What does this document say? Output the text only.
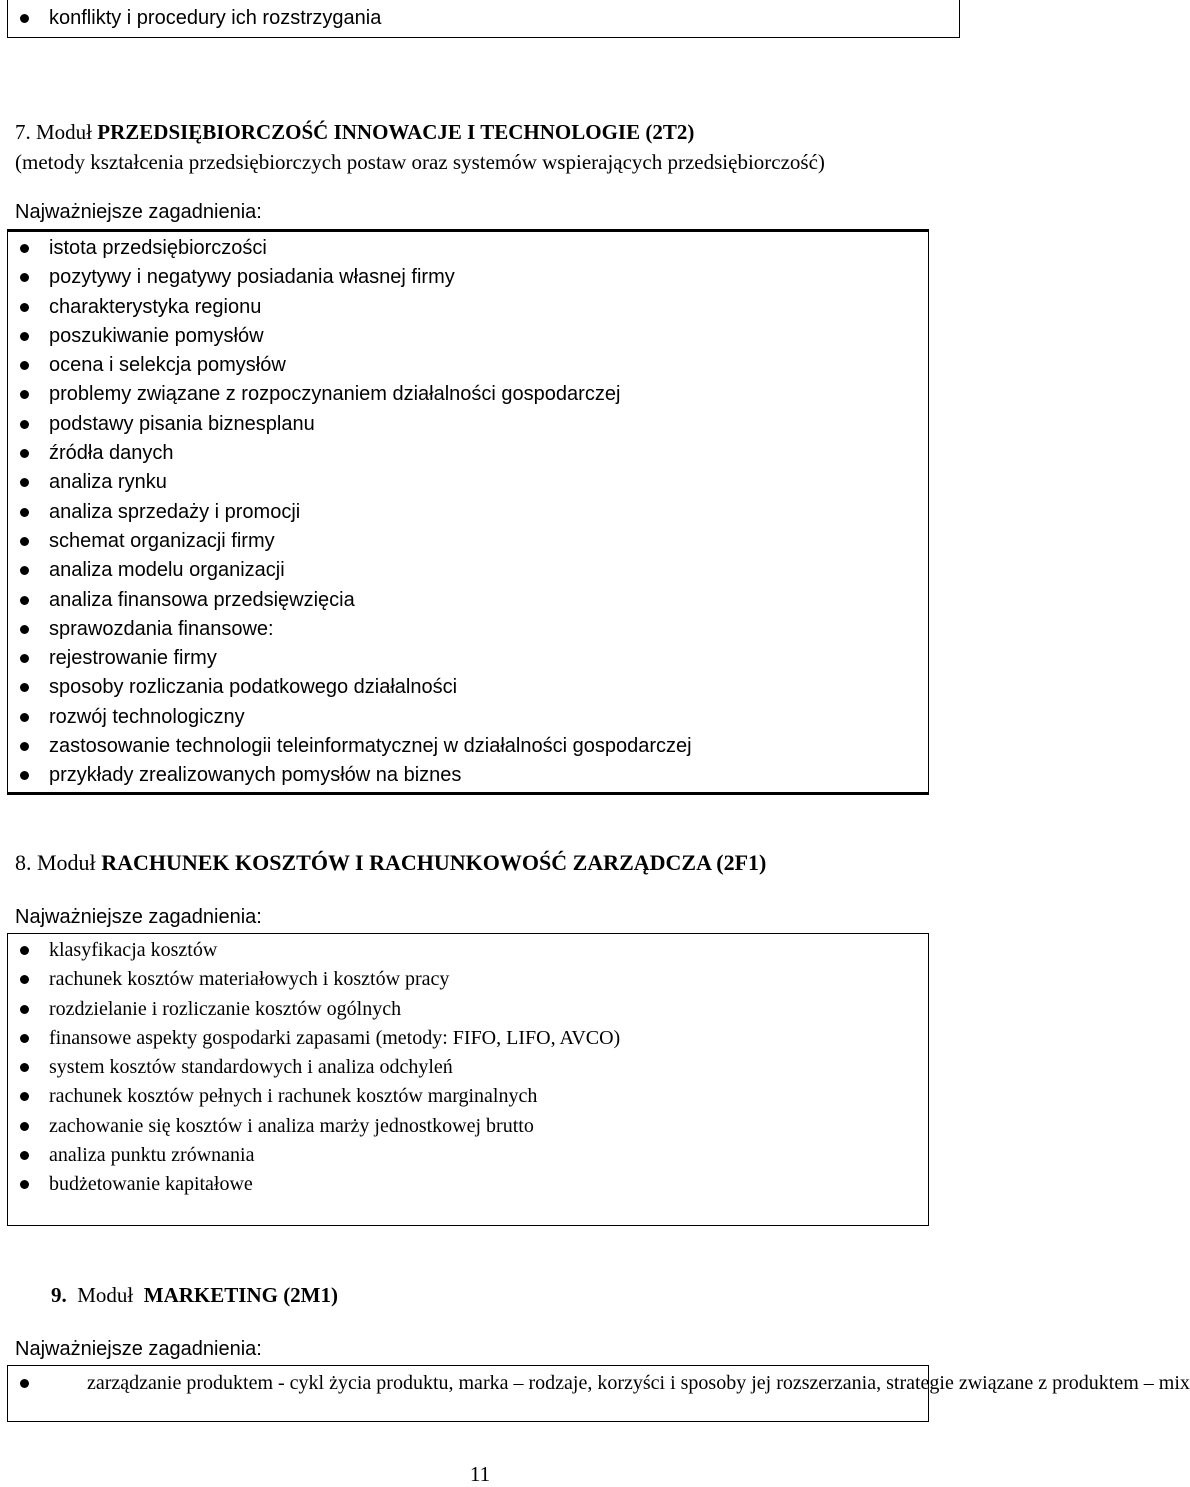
konflikty i procedury ich rozstrzygania
7. Moduł PRZEDSIĘBIORCZOŚĆ INNOWACJE I TECHNOLOGIE (2T2)
(metody kształcenia przedsiębiorczych postaw oraz systemów wspierających przedsiębiorczość)
Najważniejsze zagadnienia:
istota przedsiębiorczości
pozytywy i negatywy posiadania własnej firmy
charakterystyka regionu
poszukiwanie pomysłów
ocena i selekcja pomysłów
problemy związane z rozpoczynaniem działalności gospodarczej
podstawy pisania biznesplanu
źródła danych
analiza rynku
analiza sprzedaży i promocji
schemat organizacji firmy
analiza modelu organizacji
analiza finansowa przedsięwzięcia
sprawozdania finansowe:
rejestrowanie firmy
sposoby rozliczania podatkowego działalności
rozwój technologiczny
zastosowanie technologii teleinformatycznej w działalności gospodarczej
przykłady zrealizowanych pomysłów na biznes
8. Moduł RACHUNEK KOSZTÓW I RACHUNKOWOŚĆ ZARZĄDCZA (2F1)
Najważniejsze zagadnienia:
klasyfikacja kosztów
rachunek kosztów materiałowych i kosztów pracy
rozdzielanie i rozliczanie kosztów ogólnych
finansowe aspekty gospodarki zapasami (metody: FIFO, LIFO, AVCO)
system kosztów standardowych i analiza odchyleń
rachunek kosztów pełnych i rachunek kosztów marginalnych
zachowanie się kosztów i analiza marży jednostkowej brutto
analiza punktu zrównania
budżetowanie kapitałowe
9. Moduł MARKETING (2M1)
Najważniejsze zagadnienia:
zarządzanie produktem - cykl życia produktu, marka – rodzaje, korzyści i sposoby jej rozszerzania, strategie związane z produktem – mix
11
